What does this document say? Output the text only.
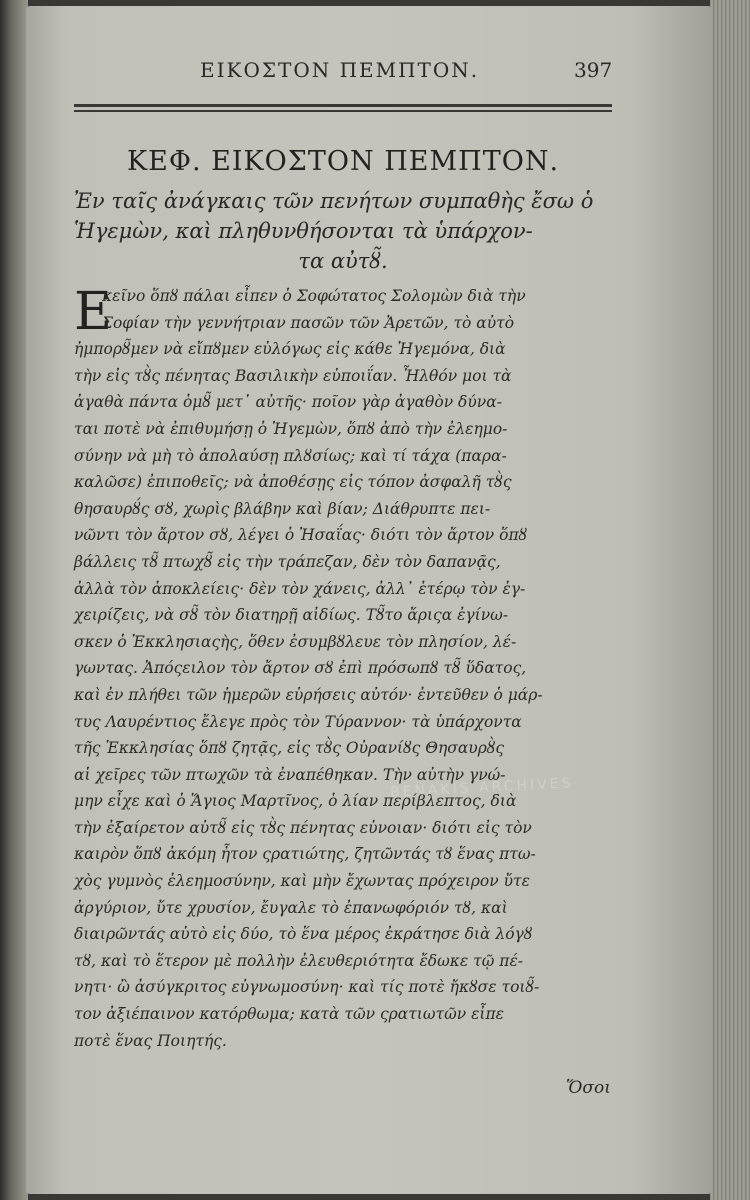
ΕΙΚΟΣΤΟΝ ΠΕΜΠΤΟΝ.	397
ΚΕΦ. ΕΙΚΟΣΤΟΝ ΠΕΜΠΤΟΝ.
Ἐν ταῖς ἀνάγκαις τῶν πενήτων συμπαθὴς ἔσω ὁ
Ἡγεμὼν, καὶ πληθυνθήσονται τὰ ὑπάρχον-
τα αὐτȣ̃.
Ε
κεῖνο ὅπȣ πάλαι εἶπεν ὁ Σοφώτατος Σολομὼν διὰ τὴν
Σοφίαν τὴν γεννήτριαν πασῶν τῶν Ἀρετῶν, τὸ αὐτὸ
ἠμπορȣ̃μεν νὰ εἴπȣμεν εὐλόγως εἰς κάθε Ἡγεμόνα, διὰ
τὴν εἰς τȣ̀ς πένητας Βασιλικὴν εὐποιΐαν. Ἦλθόν μοι τὰ
ἀγαθὰ πάντα ὁμȣ̃ μετ᾽ αὐτῆς· ποῖον γὰρ ἀγαθὸν δύνα-
ται ποτὲ νὰ ἐπιθυμήσῃ ὁ Ἡγεμὼν, ὅπȣ ἀπὸ τὴν ἐλεημο-
σύνην νὰ μὴ τὸ ἀπολαύσῃ πλȣσίως; καὶ τί τάχα (παρα-
καλῶσε) ἐπιποθεῖς; νὰ ἀποθέσῃς εἰς τόπον ἀσφαλῆ τȣ̀ς
θησαυρȣ́ς σȣ, χωρὶς βλάβην καὶ βίαν; Διάθρυπτε πει-
νῶντι τὸν ἄρτον σȣ, λέγει ὁ Ἠσαΐας· διότι τὸν ἄρτον ὅπȣ
βάλλεις τȣ̃ πτωχȣ̃ εἰς τὴν τράπεζαν, δὲν τὸν δαπανᾷς,
ἀλλὰ τὸν ἀποκλείεις· δὲν τὸν χάνεις, ἀλλ᾽ ἑτέρῳ τὸν ἐγ-
χειρίζεις, νὰ σȣ̃ τὸν διατηρῇ αἰδίως. Τȣ̃το ἄριςα ἐγίνω-
σκεν ὁ Ἐκκλησιαςὴς, ὅθεν ἐσυμβȣλευε τὸν πλησίον, λέ-
γωντας. Ἀπόςειλον τὸν ἄρτον σȣ ἐπὶ πρόσωπȣ τȣ̃ ὕδατος,
καὶ ἐν πλήθει τῶν ἡμερῶν εὑρήσεις αὐτόν· ἐντεῦθεν ὁ μάρ-
τυς Λαυρέντιος ἔλεγε πρὸς τὸν Τύραννον· τὰ ὑπάρχοντα
τῆς Ἐκκλησίας ὅπȣ ζητᾷς, εἰς τȣ̀ς Οὐρανίȣς Θησαυρȣ̀ς
αἱ χεῖρες τῶν πτωχῶν τὰ ἐναπέθηκαν. Τὴν αὐτὴν γνώ-
μην εἶχε καὶ ὁ Ἅγιος Μαρτῖνος, ὁ λίαν περίβλεπτος, διὰ
τὴν ἐξαίρετον αὐτȣ̃ εἰς τȣ̀ς πένητας εὐνοιαν· διότι εἰς τὸν
καιρὸν ὅπȣ ἀκόμη ἦτον ςρατιώτης, ζητῶντάς τȣ ἕνας πτω-
χὸς γυμνὸς ἐλεημοσύνην, καὶ μὴν ἔχωντας πρόχειρον ὔτε
ἀργύριον, ὔτε χρυσίον, ἔυγαλε τὸ ἐπανωφόριόν τȣ, καὶ
διαιρῶντάς αὐτὸ εἰς δύο, τὸ ἕνα μέρος ἐκράτησε διὰ λόγȣ
τȣ, καὶ τὸ ἕτερον μὲ πολλὴν ἐλευθεριότητα ἔδωκε τῷ πέ-
νητι· ὢ ἀσύγκριτος εὐγνωμοσύνη· καὶ τίς ποτὲ ἤκȣσε τοιȣ̃-
τον ἀξιέπαινον κατόρθωμα; κατὰ τῶν ςρατιωτῶν εἶπε
ποτὲ ἕνας Ποιητής.
BENAKIS ARCHIVES
Ὅσοι
